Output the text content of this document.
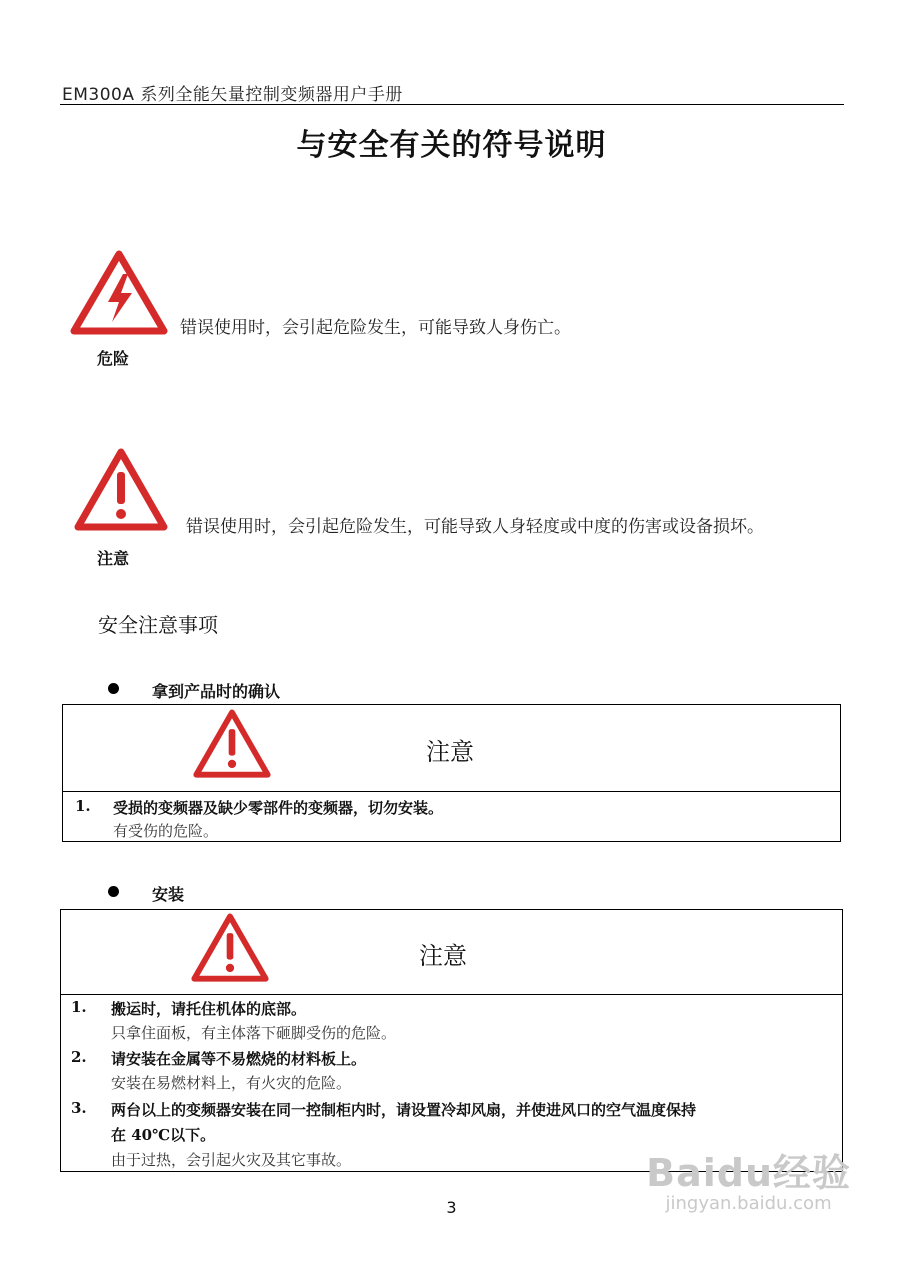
EM300A 系列全能矢量控制变频器用户手册
与安全有关的符号说明
错误使用时，会引起危险发生，可能导致人身伤亡。
危险
错误使用时，会引起危险发生，可能导致人身轻度或中度的伤害或设备损坏。
注意
安全注意事项
拿到产品时的确认
注意
1. 受损的变频器及缺少零部件的变频器，切勿安装。
有受伤的危险。
安装
注意
1. 搬运时，请托住机体的底部。
只拿住面板，有主体落下砸脚受伤的危险。
2. 请安装在金属等不易燃烧的材料板上。
安装在易燃材料上，有火灾的危险。
3. 两台以上的变频器安装在同一控制柜内时，请设置冷却风扇，并使进风口的空气温度保持
在 40℃以下。
由于过热，会引起火灾及其它事故。
3
Baidu经验
jingyan.baidu.com
